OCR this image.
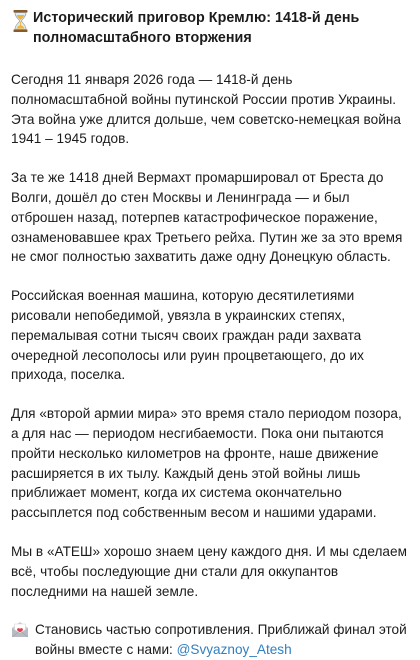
Исторический приговор Кремлю: 1418-й день полномасштабного вторжения

Сегодня 11 января 2026 года — 1418-й день полномасштабной войны путинской России против Украины. Эта война уже длится дольше, чем советско-немецкая война 1941 – 1945 годов.

За те же 1418 дней Вермахт промаршировал от Бреста до Волги, дошёл до стен Москвы и Ленинграда — и был отброшен назад, потерпев катастрофическое поражение, ознаменовавшее крах Третьего рейха. Путин же за это время не смог полностью захватить даже одну Донецкую область.

Российская военная машина, которую десятилетиями рисовали непобедимой, увязла в украинских степях, перемалывая сотни тысяч своих граждан ради захвата очередной лесополосы или руин процветающего, до их прихода, поселка.

Для «второй армии мира» это время стало периодом позора, а для нас — периодом несгибаемости. Пока они пытаются пройти несколько километров на фронте, наше движение расширяется в их тылу. Каждый день этой войны лишь приближает момент, когда их система окончательно рассыплется под собственным весом и нашими ударами.

Мы в «АТЕШ» хорошо знаем цену каждого дня. И мы сделаем всё, чтобы последующие дни стали для оккупантов последними на нашей земле.

Становись частью сопротивления. Приближай финал этой войны вместе с нами: @Svyaznoy_Atesh
